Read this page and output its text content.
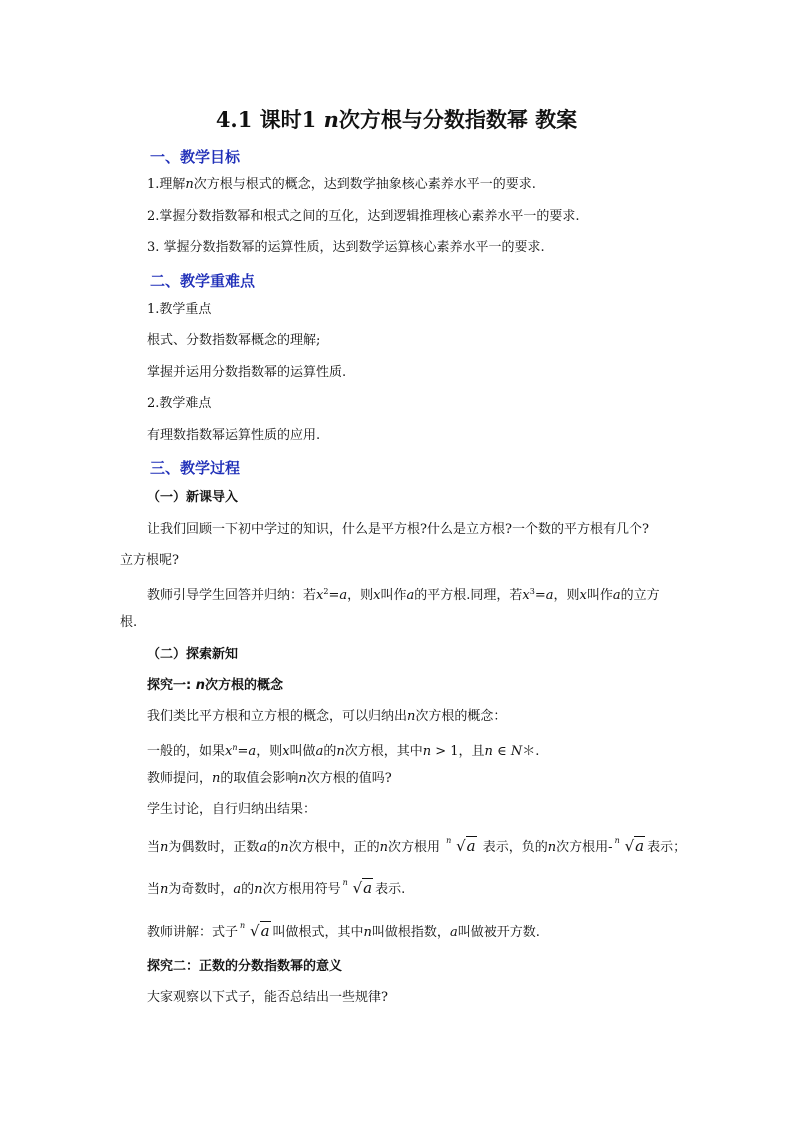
4.1 课时1 n次方根与分数指数幂 教案
一、教学目标
1.理解n次方根与根式的概念，达到数学抽象核心素养水平一的要求.
2.掌握分数指数幂和根式之间的互化，达到逻辑推理核心素养水平一的要求.
3. 掌握分数指数幂的运算性质，达到数学运算核心素养水平一的要求.
二、教学重难点
1.教学重点
根式、分数指数幂概念的理解;
掌握并运用分数指数幂的运算性质.
2.教学难点
有理数指数幂运算性质的应用.
三、教学过程
（一）新课导入
让我们回顾一下初中学过的知识，什么是平方根?什么是立方根?一个数的平方根有几个?
立方根呢?
教师引导学生回答并归纳：若$x^2=a$，则x叫作a的平方根.同理，若$x^3=a$，则x叫作a的立方
根.
（二）探索新知
探究一: n次方根的概念
我们类比平方根和立方根的概念，可以归纳出n次方根的概念：
一般的，如果$x^n=a$，则x叫做a的n次方根，其中n > 1，且n ∈ N＊.
教师提问，n的取值会影响n次方根的值吗?
学生讨论，自行归纳出结果：
当n为偶数时，正数a的n次方根中，正的n次方根用 n √a 表示，负的n次方根用- n √a 表示；
当n为奇数时，a的n次方根用符号 n √a 表示.
教师讲解：式子 n √a 叫做根式，其中n叫做根指数，a叫做被开方数.
探究二：正数的分数指数幂的意义
大家观察以下式子，能否总结出一些规律?
